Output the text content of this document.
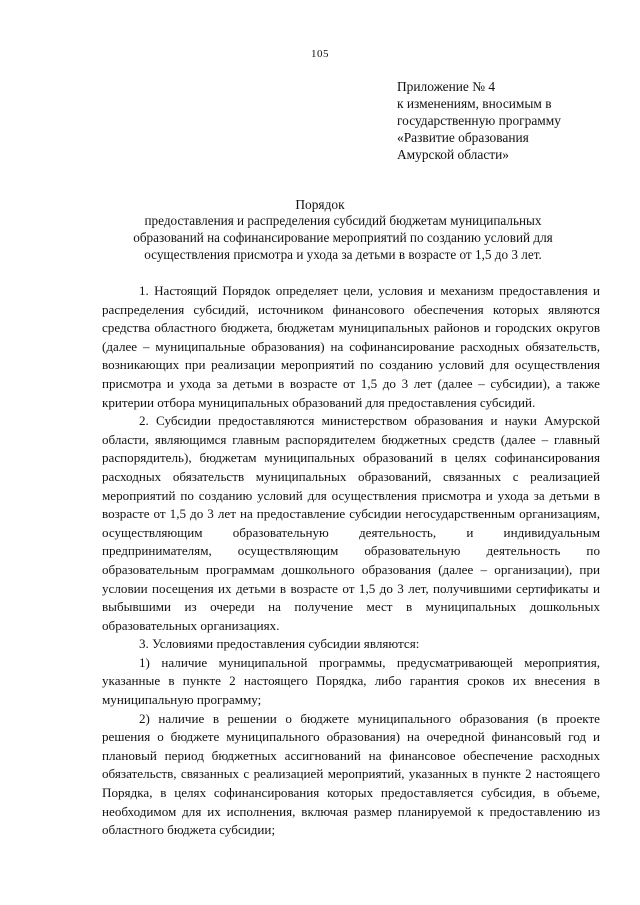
105
Приложение № 4
к изменениям, вносимым в
государственную программу
«Развитие образования
Амурской области»
Порядок
предоставления и распределения субсидий бюджетам муниципальных
образований на софинансирование мероприятий по созданию условий для
осуществления присмотра и ухода за детьми в возрасте от 1,5 до 3 лет.

1. Настоящий Порядок определяет цели, условия и механизм предоставления и распределения субсидий, источником финансового обеспечения которых являются средства областного бюджета, бюджетам муниципальных районов и городских округов (далее – муниципальные образования) на софинансирование расходных обязательств, возникающих при реализации мероприятий по созданию условий для осуществления присмотра и ухода за детьми в возрасте от 1,5 до 3 лет (далее – субсидии), а также критерии отбора муниципальных образований для предоставления субсидий.

2. Субсидии предоставляются министерством образования и науки Амурской области, являющимся главным распорядителем бюджетных средств (далее – главный распорядитель), бюджетам муниципальных образований в целях софинансирования расходных обязательств муниципальных образований, связанных с реализацией мероприятий по созданию условий для осуществления присмотра и ухода за детьми в возрасте от 1,5 до 3 лет на предоставление субсидии негосударственным организациям, осуществляющим образовательную деятельность, и индивидуальным предпринимателям, осуществляющим образовательную деятельность по образовательным программам дошкольного образования (далее – организации), при условии посещения их детьми в возрасте от 1,5 до 3 лет, получившими сертификаты и выбывшими из очереди на получение мест в муниципальных дошкольных образовательных организациях.

3. Условиями предоставления субсидии являются:

1) наличие муниципальной программы, предусматривающей мероприятия, указанные в пункте 2 настоящего Порядка, либо гарантия сроков их внесения в муниципальную программу;

2) наличие в решении о бюджете муниципального образования (в проекте решения о бюджете муниципального образования) на очередной финансовый год и плановый период бюджетных ассигнований на финансовое обеспечение расходных обязательств, связанных с реализацией мероприятий, указанных в пункте 2 настоящего Порядка, в целях софинансирования которых предоставляется субсидия, в объеме, необходимом для их исполнения, включая размер планируемой к предоставлению из областного бюджета субсидии;
